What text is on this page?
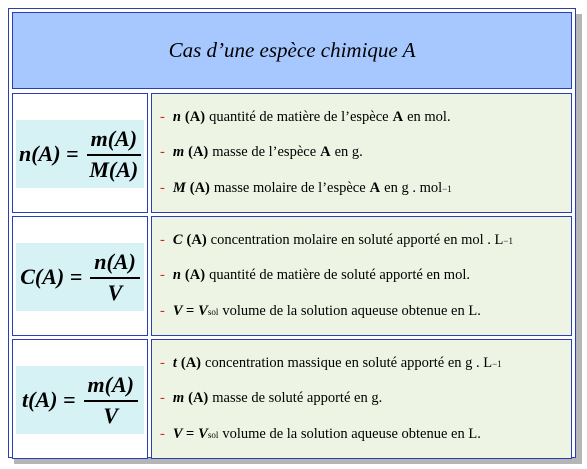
Cas d’une espèce chimique A
$n(A) = \frac{m(A)}{M(A)}$
- n (A) quantité de matière de l’espèce A en mol.
- m (A) masse de l’espèce A en g.
- M (A) masse molaire de l’espèce A en g . mol −1
$C(A) = \frac{n(A)}{V}$
- C (A) concentration molaire en soluté apporté en mol . L −1
- n (A) quantité de matière de soluté apporté en mol.
- V = V sol volume de la solution aqueuse obtenue en L.
$t(A) = \frac{m(A)}{V}$
- t (A) concentration massique en soluté apporté en g . L −1
- m (A) masse de soluté apporté en g.
- V = V sol volume de la solution aqueuse obtenue en L.
